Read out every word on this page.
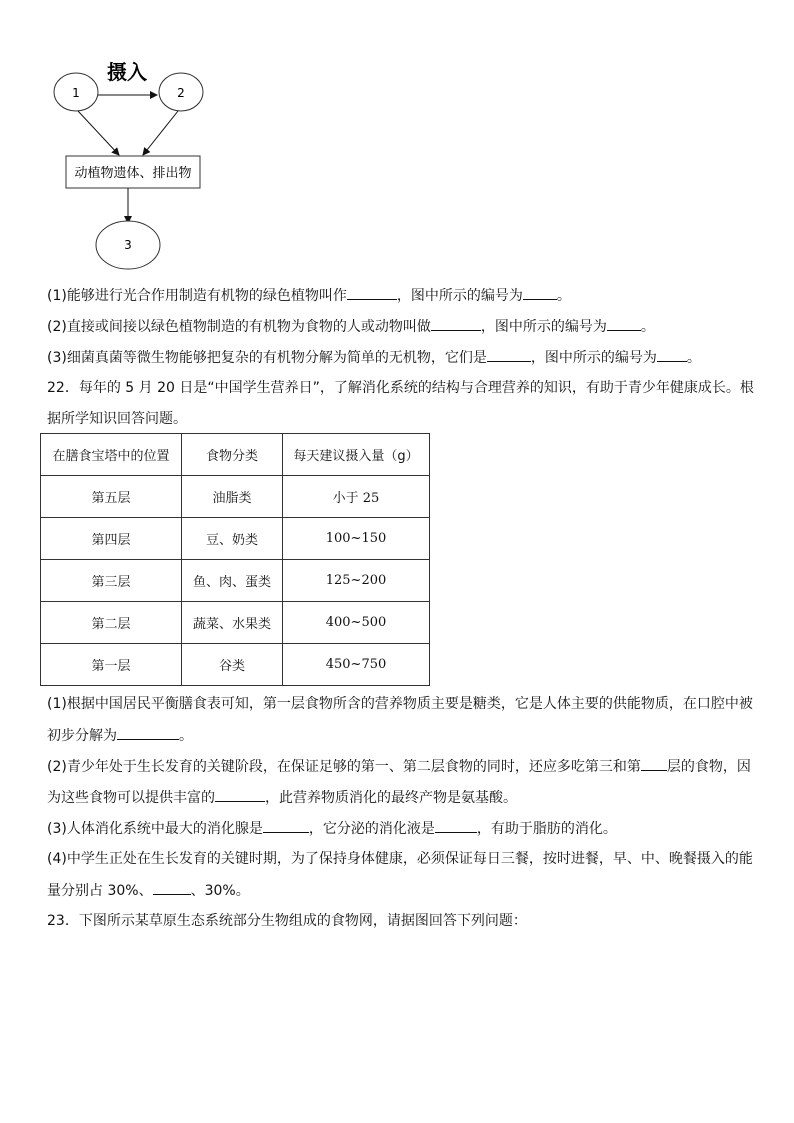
摄入
1	2
动植物遗体、排出物
3
(1)能够进行光合作用制造有机物的绿色植物叫作	，图中所示的编号为 。
(2)直接或间接以绿色植物制造的有机物为食物的人或动物叫做	，图中所示的编号为 。
(3)细菌真菌等微生物能够把复杂的有机物分解为简单的无机物，它们是	，图中所示的编号为 。
22．每年的 5 月 20 日是“中国学生营养日”，了解消化系统的结构与合理营养的知识，有助于青少年健康成长。根
据所学知识回答问题。
在膳食宝塔中的位置	食物分类	每天建议摄入量（g）
第五层	油脂类	小于 25
第四层	豆、奶类	100~150
第三层	鱼、肉、蛋类	125~200
第二层	蔬菜、水果类	400~500
第一层	谷类	450~750
(1)根据中国居民平衡膳食表可知，第一层食物所含的营养物质主要是糖类，它是人体主要的供能物质，在口腔中被
初步分解为	。
(2)青少年处于生长发育的关键阶段，在保证足够的第一、第二层食物的同时，还应多吃第三和第 层的食物，因
为这些食物可以提供丰富的	，此营养物质消化的最终产物是氨基酸。
(3)人体消化系统中最大的消化腺是	，它分泌的消化液是	，有助于脂肪的消化。
(4)中学生正处在生长发育的关键时期，为了保持身体健康，必须保证每日三餐，按时进餐，早、中、晚餐摄入的能
量分别占 30%、	、30%。
23．下图所示某草原生态系统部分生物组成的食物网，请据图回答下列问题：
